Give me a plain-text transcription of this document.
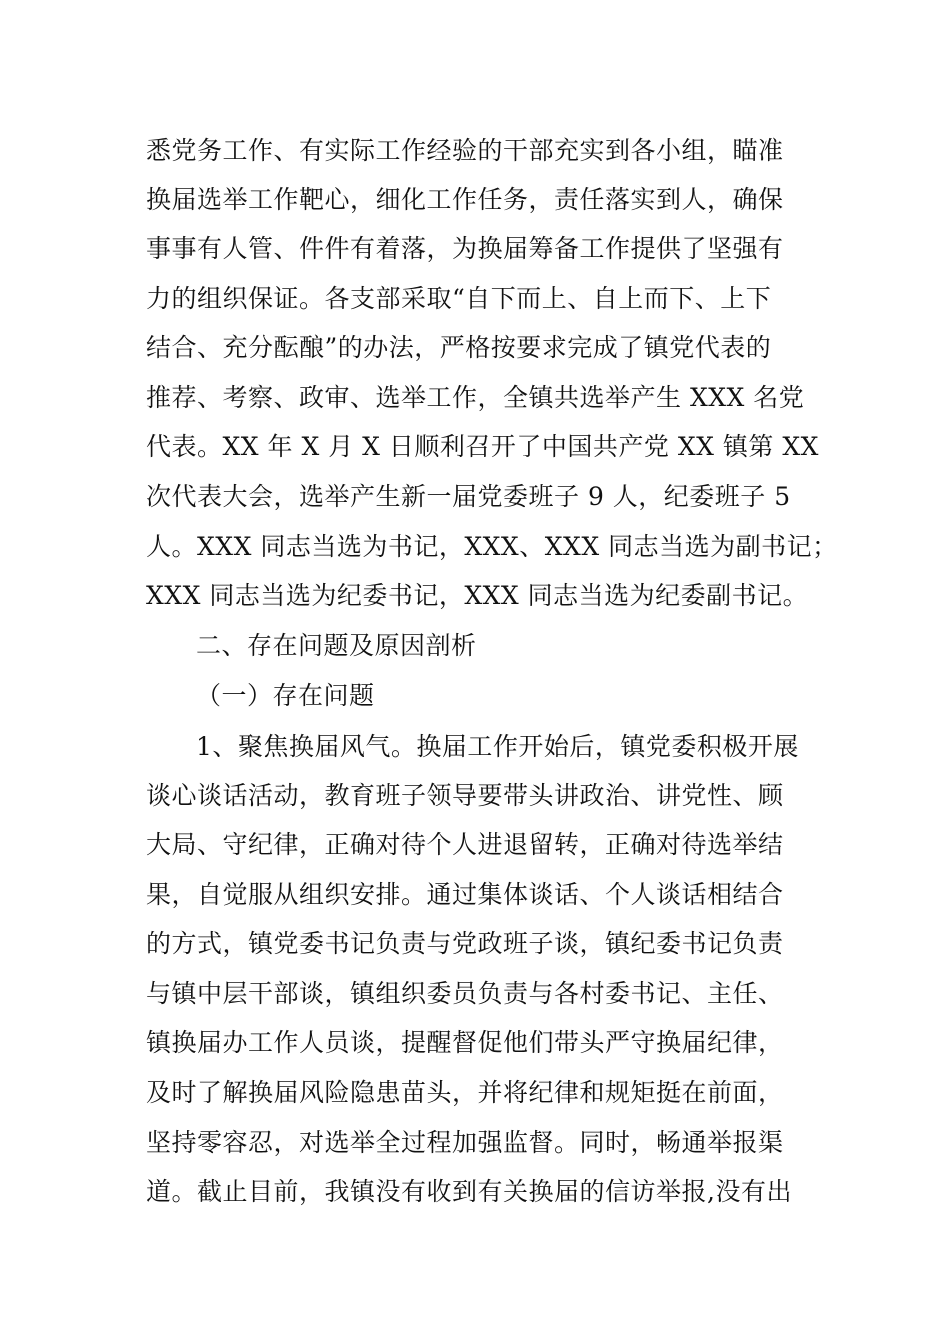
悉党务工作、有实际工作经验的干部充实到各小组，瞄准
换届选举工作靶心，细化工作任务，责任落实到人，确保
事事有人管、件件有着落，为换届筹备工作提供了坚强有
力的组织保证。各支部采取“自下而上、自上而下、上下
结合、充分酝酿”的办法，严格按要求完成了镇党代表的
推荐、考察、政审、选举工作，全镇共选举产生 XXX 名党
代表。XX 年 X 月 X 日顺利召开了中国共产党 XX 镇第 XX
次代表大会，选举产生新一届党委班子 9 人，纪委班子 5
人。XXX 同志当选为书记，XXX、XXX 同志当选为副书记；
XXX 同志当选为纪委书记，XXX 同志当选为纪委副书记。
二、存在问题及原因剖析
（一）存在问题
1、聚焦换届风气。换届工作开始后，镇党委积极开展
谈心谈话活动，教育班子领导要带头讲政治、讲党性、顾
大局、守纪律，正确对待个人进退留转，正确对待选举结
果，自觉服从组织安排。通过集体谈话、个人谈话相结合
的方式，镇党委书记负责与党政班子谈，镇纪委书记负责
与镇中层干部谈，镇组织委员负责与各村委书记、主任、
镇换届办工作人员谈，提醒督促他们带头严守换届纪律，
及时了解换届风险隐患苗头，并将纪律和规矩挺在前面，
坚持零容忍，对选举全过程加强监督。同时，畅通举报渠
道。截止目前，我镇没有收到有关换届的信访举报,没有出
